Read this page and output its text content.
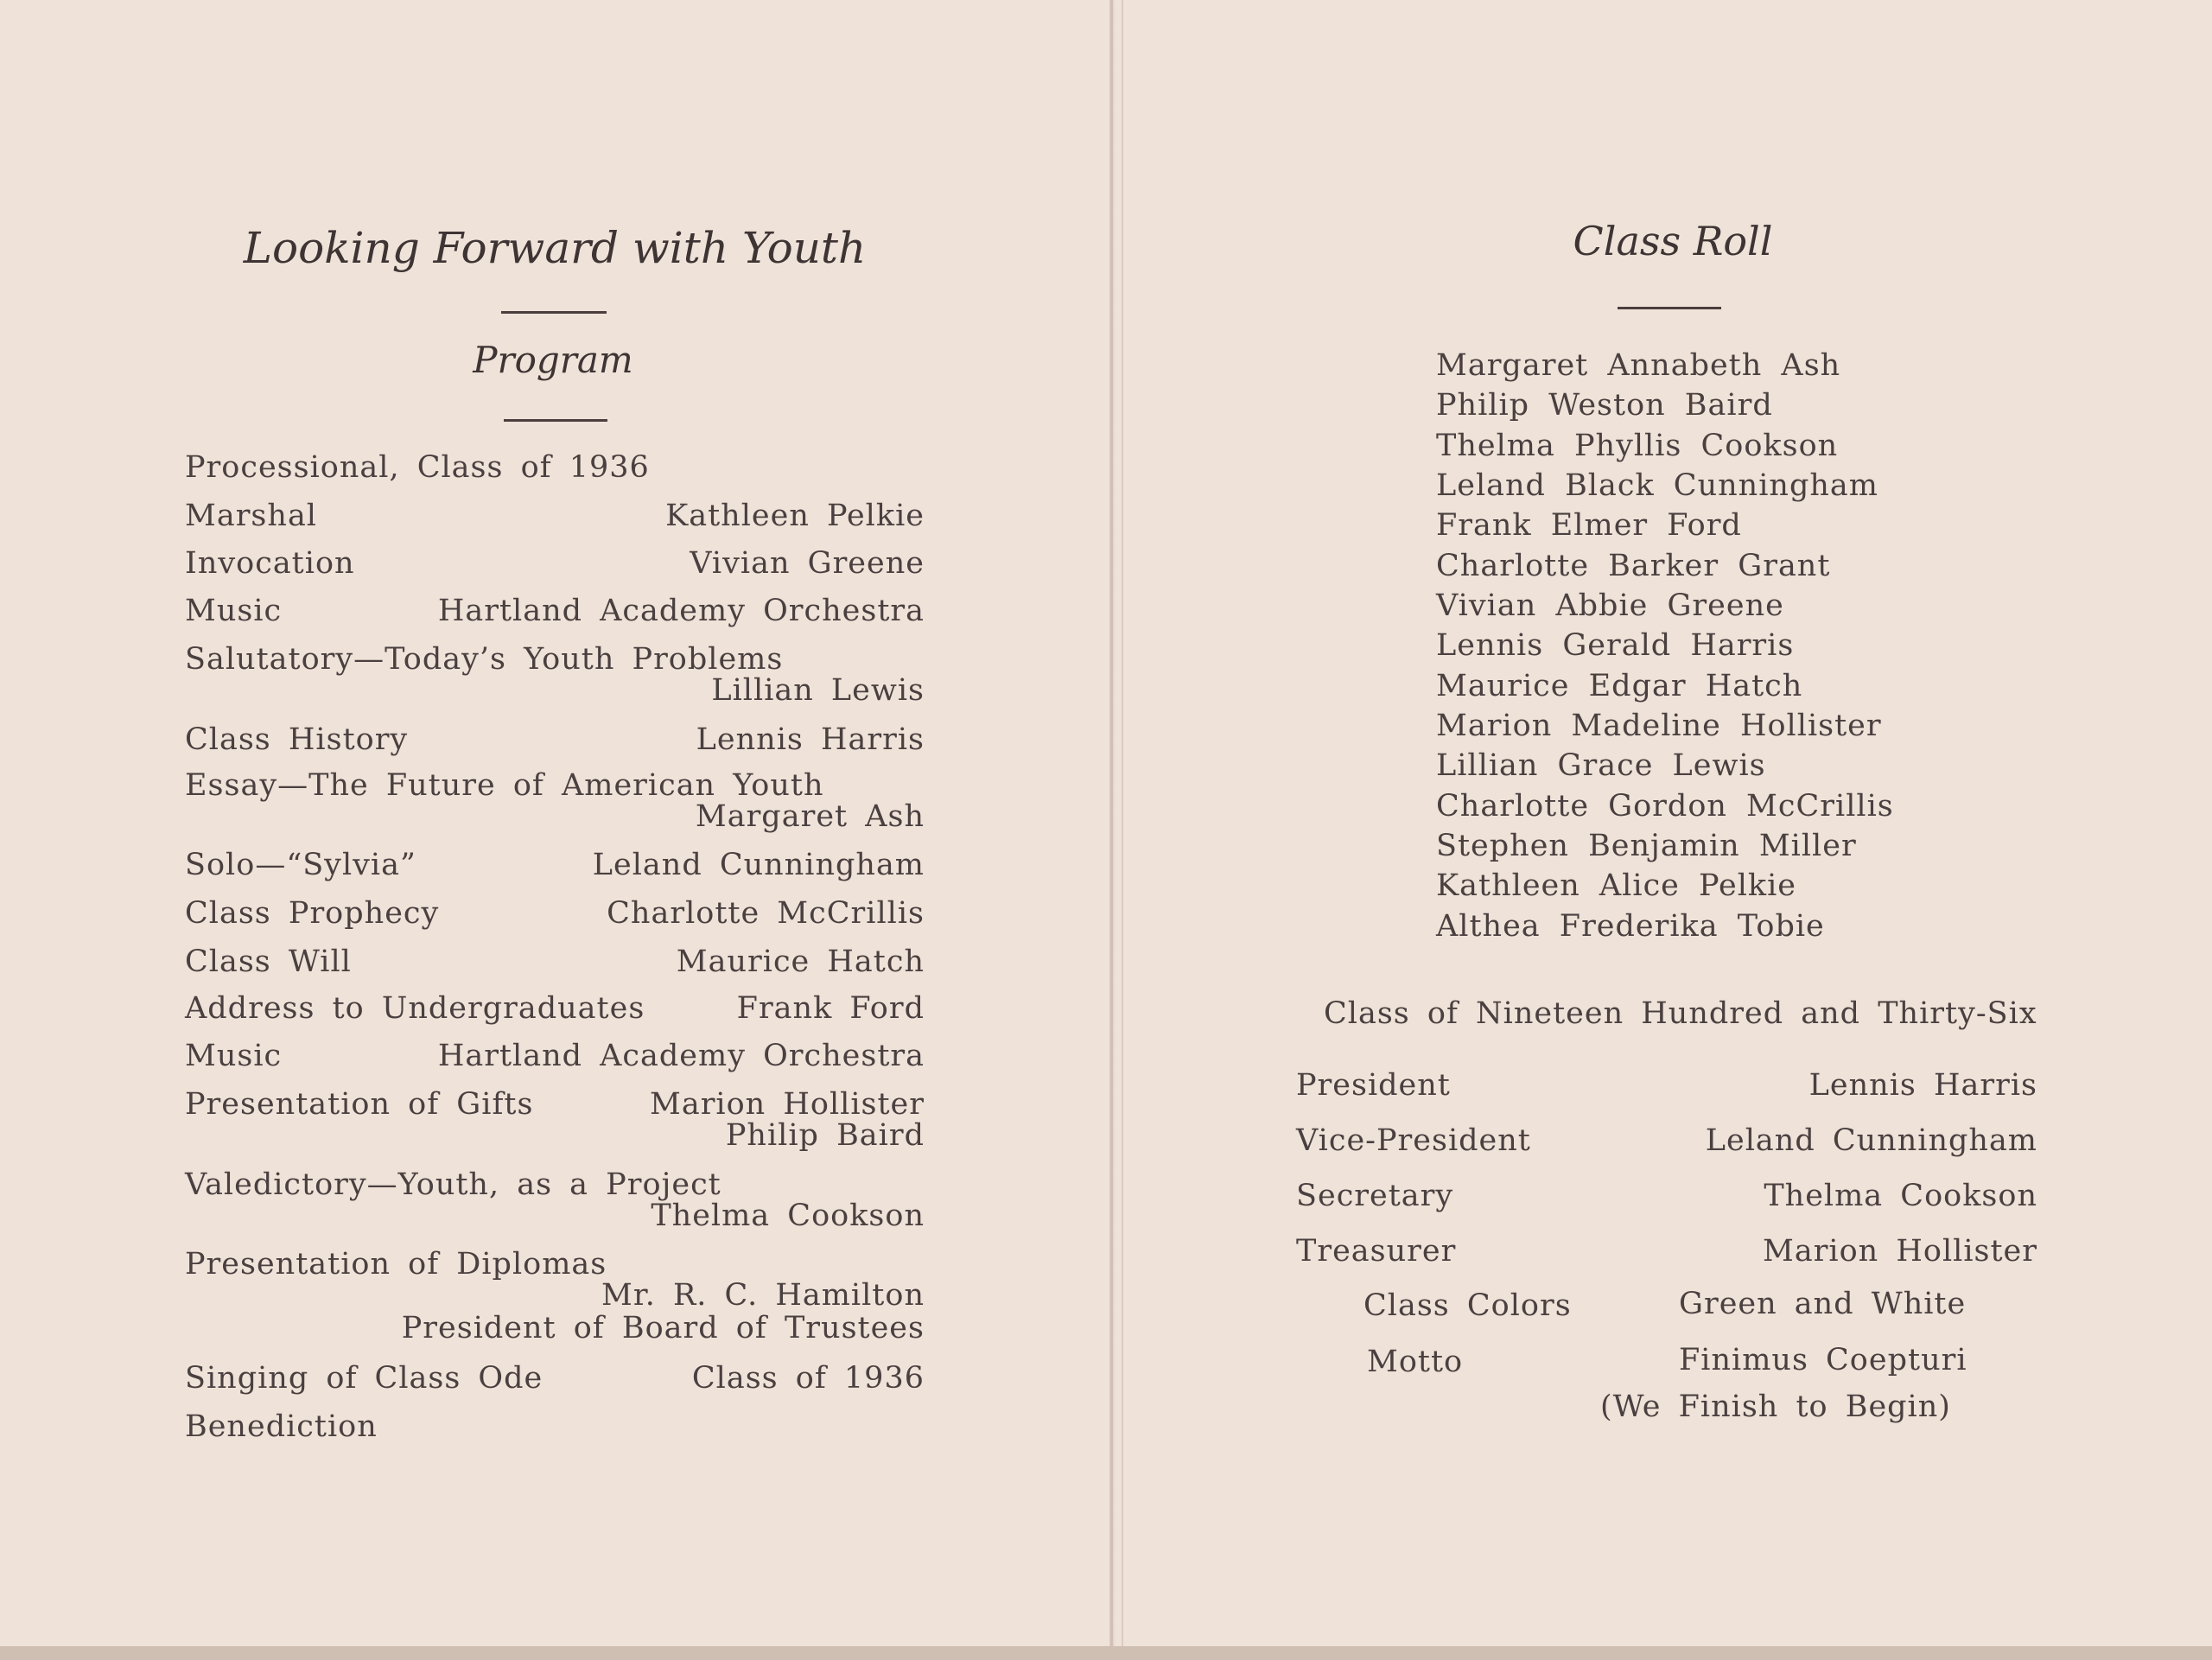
Looking Forward with Youth
Program
Processional, Class of 1936
Marshal	Kathleen Pelkie
Invocation	Vivian Greene
Music	Hartland Academy Orchestra
Salutatory—Today’s Youth Problems
Lillian Lewis
Class History	Lennis Harris
Essay—The Future of American Youth
Margaret Ash
Solo—“Sylvia”	Leland Cunningham
Class Prophecy	Charlotte McCrillis
Class Will	Maurice Hatch
Address to Undergraduates	Frank Ford
Music	Hartland Academy Orchestra
Presentation of Gifts	Marion Hollister
Philip Baird
Valedictory—Youth, as a Project
Thelma Cookson
Presentation of Diplomas
Mr. R. C. Hamilton
President of Board of Trustees
Singing of Class Ode	Class of 1936
Benediction
Class Roll
Margaret Annabeth Ash
Philip Weston Baird
Thelma Phyllis Cookson
Leland Black Cunningham
Frank Elmer Ford
Charlotte Barker Grant
Vivian Abbie Greene
Lennis Gerald Harris
Maurice Edgar Hatch
Marion Madeline Hollister
Lillian Grace Lewis
Charlotte Gordon McCrillis
Stephen Benjamin Miller
Kathleen Alice Pelkie
Althea Frederika Tobie
Class of Nineteen Hundred and Thirty-Six
President	Lennis Harris
Vice-President	Leland Cunningham
Secretary	Thelma Cookson
Treasurer	Marion Hollister
Class Colors	Green and White
Motto	Finimus Coepturi
(We Finish to Begin)
